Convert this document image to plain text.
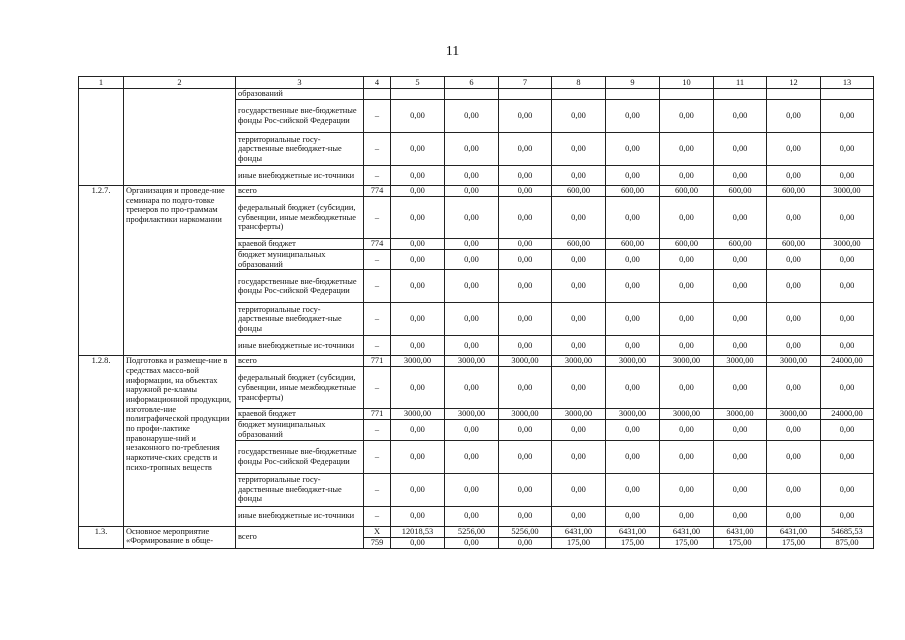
11
1	2	3	4	5	6	7	8	9	10	11	12	13
		образований										
		государственные вне-бюджетные фонды Рос-сийской Федерации	–	0,00	0,00	0,00	0,00	0,00	0,00	0,00	0,00	0,00
		территориальные госу-дарственные внебюджет-ные фонды	–	0,00	0,00	0,00	0,00	0,00	0,00	0,00	0,00	0,00
		иные внебюджетные ис-точники	–	0,00	0,00	0,00	0,00	0,00	0,00	0,00	0,00	0,00
1.2.7.	Организация и проведе-ние семинара по подго-товке тренеров по про-граммам профилактики наркомании	всего	774	0,00	0,00	0,00	600,00	600,00	600,00	600,00	600,00	3000,00
		федеральный бюджет (субсидии, субвенции, иные межбюджетные трансферты)	–	0,00	0,00	0,00	0,00	0,00	0,00	0,00	0,00	0,00
		краевой бюджет	774	0,00	0,00	0,00	600,00	600,00	600,00	600,00	600,00	3000,00
		бюджет муниципальных образований	–	0,00	0,00	0,00	0,00	0,00	0,00	0,00	0,00	0,00
		государственные вне-бюджетные фонды Рос-сийской Федерации	–	0,00	0,00	0,00	0,00	0,00	0,00	0,00	0,00	0,00
		территориальные госу-дарственные внебюджет-ные фонды	–	0,00	0,00	0,00	0,00	0,00	0,00	0,00	0,00	0,00
		иные внебюджетные ис-точники	–	0,00	0,00	0,00	0,00	0,00	0,00	0,00	0,00	0,00
1.2.8.	Подготовка и размеще-ние в средствах массо-вой информации, на объектах наружной ре-кламы информационной продукции, изготовле-ние полиграфической продукции по профи-лактике правонаруше-ний и незаконного по-требления наркотиче-ских средств и психо-тропных веществ	всего	771	3000,00	3000,00	3000,00	3000,00	3000,00	3000,00	3000,00	3000,00	24000,00
		федеральный бюджет (субсидии, субвенции, иные межбюджетные трансферты)	–	0,00	0,00	0,00	0,00	0,00	0,00	0,00	0,00	0,00
		краевой бюджет	771	3000,00	3000,00	3000,00	3000,00	3000,00	3000,00	3000,00	3000,00	24000,00
		бюджет муниципальных образований	–	0,00	0,00	0,00	0,00	0,00	0,00	0,00	0,00	0,00
		государственные вне-бюджетные фонды Рос-сийской Федерации	–	0,00	0,00	0,00	0,00	0,00	0,00	0,00	0,00	0,00
		территориальные госу-дарственные внебюджет-ные фонды	–	0,00	0,00	0,00	0,00	0,00	0,00	0,00	0,00	0,00
		иные внебюджетные ис-точники	–	0,00	0,00	0,00	0,00	0,00	0,00	0,00	0,00	0,00
1.3.	Основное мероприятие «Формирование в обще-	всего	Х	12018,53	5256,00	5256,00	6431,00	6431,00	6431,00	6431,00	6431,00	54685,53
			759	0,00	0,00	0,00	175,00	175,00	175,00	175,00	175,00	875,00
